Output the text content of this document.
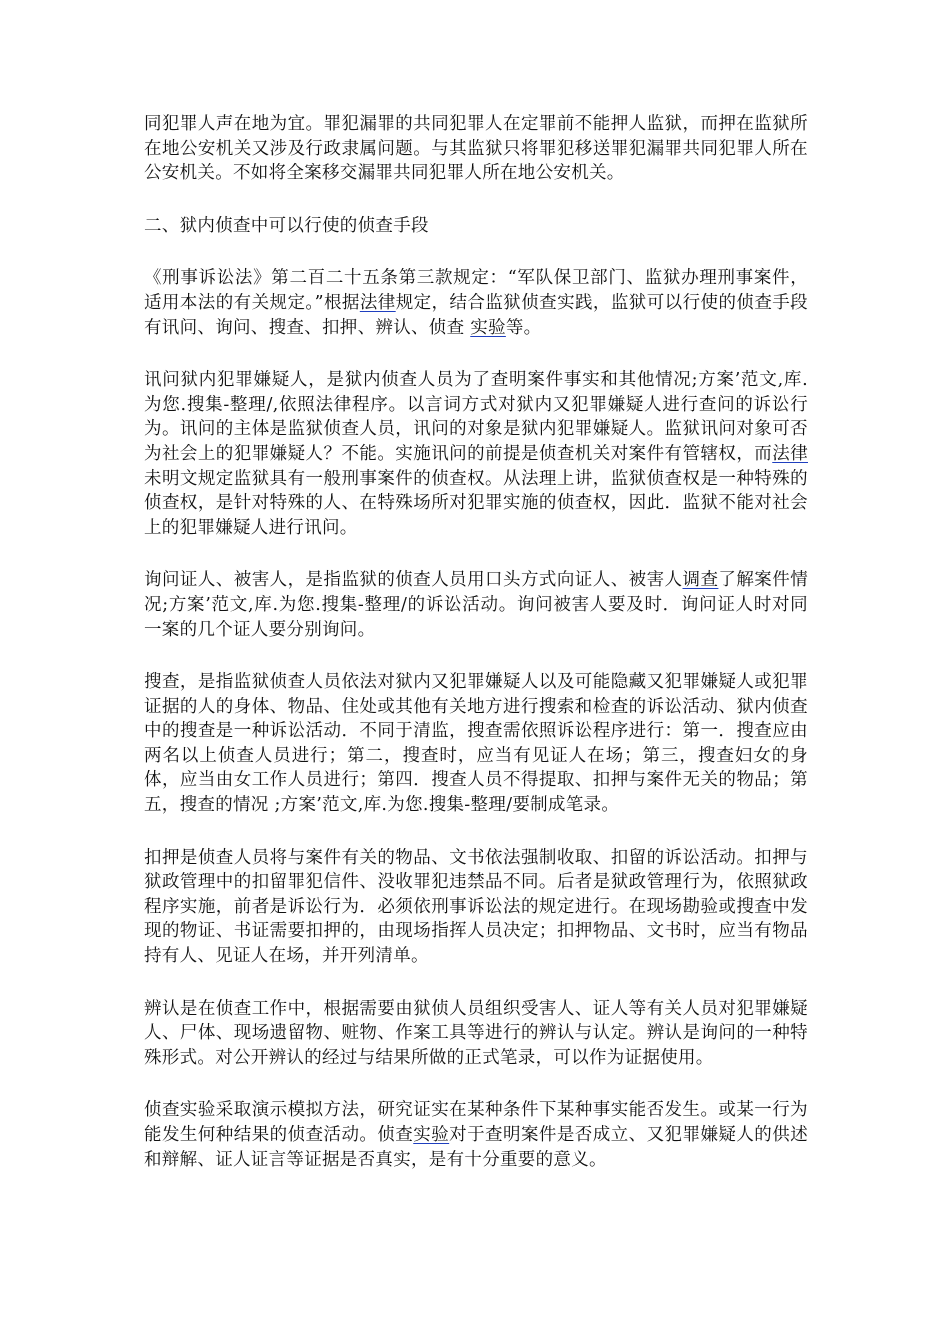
同犯罪人声在地为宜。罪犯漏罪的共同犯罪人在定罪前不能押人监狱，而押在监狱所在地公安机关又涉及行政隶属问题。与其监狱只将罪犯移送罪犯漏罪共同犯罪人所在公安机关。不如将全案移交漏罪共同犯罪人所在地公安机关。

二、狱内侦查中可以行使的侦查手段

《刑事诉讼法》第二百二十五条第三款规定：“军队保卫部门、监狱办理刑事案件，适用本法的有关规定。”根据法律规定，结合监狱侦查实践，监狱可以行使的侦查手段有讯问、询问、搜查、扣押、辨认、侦查 实验等。

讯问狱内犯罪嫌疑人，是狱内侦查人员为了查明案件事实和其他情况;方案’范文,库.为您.搜集-整理/,依照法律程序。以言词方式对狱内又犯罪嫌疑人进行查问的诉讼行为。讯问的主体是监狱侦查人员，讯问的对象是狱内犯罪嫌疑人。监狱讯问对象可否为社会上的犯罪嫌疑人？不能。实施讯问的前提是侦查机关对案件有管辖权，而法律未明文规定监狱具有一般刑事案件的侦查权。从法理上讲，监狱侦查权是一种特殊的侦查权，是针对特殊的人、在特殊场所对犯罪实施的侦查权，因此．监狱不能对社会上的犯罪嫌疑人进行讯问。

询问证人、被害人，是指监狱的侦查人员用口头方式向证人、被害人调查了解案件情况;方案’范文,库.为您.搜集-整理/的诉讼活动。询问被害人要及时．询问证人时对同一案的几个证人要分别询问。

搜查，是指监狱侦查人员依法对狱内又犯罪嫌疑人以及可能隐藏又犯罪嫌疑人或犯罪证据的人的身体、物品、住处或其他有关地方进行搜索和检查的诉讼活动、狱内侦查中的搜查是一种诉讼活动．不同于清监，搜查需依照诉讼程序进行：第一．搜查应由两名以上侦查人员进行；第二，搜查时，应当有见证人在场；第三，搜查妇女的身体，应当由女工作人员进行；第四．搜查人员不得提取、扣押与案件无关的物品；第五，搜查的情况 ;方案’范文,库.为您.搜集-整理/要制成笔录。

扣押是侦查人员将与案件有关的物品、文书依法强制收取、扣留的诉讼活动。扣押与狱政管理中的扣留罪犯信件、没收罪犯违禁品不同。后者是狱政管理行为，依照狱政程序实施，前者是诉讼行为．必须依刑事诉讼法的规定进行。在现场勘验或搜查中发现的物证、书证需要扣押的，由现场指挥人员决定；扣押物品、文书时，应当有物品持有人、见证人在场，并开列清单。

辨认是在侦查工作中，根据需要由狱侦人员组织受害人、证人等有关人员对犯罪嫌疑人、尸体、现场遗留物、赃物、作案工具等进行的辨认与认定。辨认是询问的一种特殊形式。对公开辨认的经过与结果所做的正式笔录，可以作为证据使用。

侦查实验采取演示模拟方法，研究证实在某种条件下某种事实能否发生。或某一行为能发生何种结果的侦查活动。侦查实验对于查明案件是否成立、又犯罪嫌疑人的供述和辩解、证人证言等证据是否真实，是有十分重要的意义。
